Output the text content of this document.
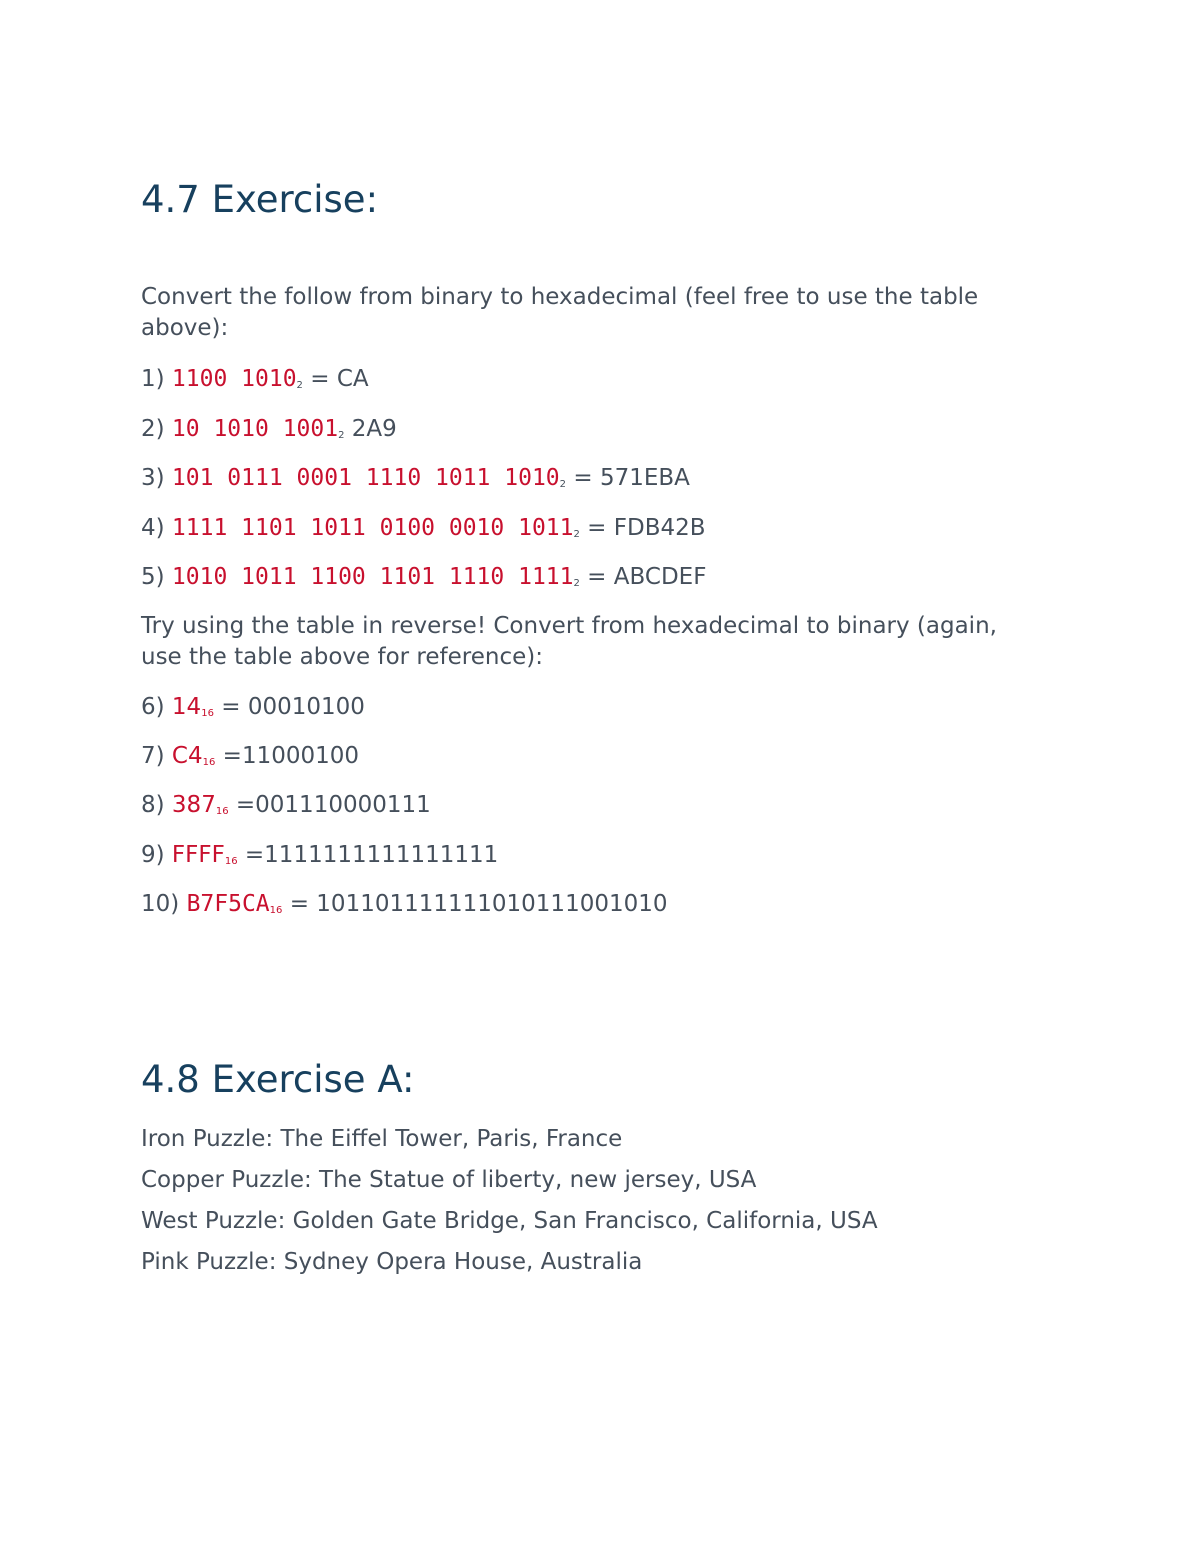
4.7 Exercise:

Convert the follow from binary to hexadecimal (feel free to use the table above):

1) 1100 $1010_2$ = CA

2) 10 1010 $1001_2$ 2A9

3) 101 0111 0001 1110 1011 $1010_2 = 571EBA$

4) 1111 1101 1011 0100 0010 $1011_2 = FDB42B$

5) 1010 1011 1100 1101 1110 $1111_2$ = ABCDEF

Try using the table in reverse! Convert from hexadecimal to binary (again, use the table above for reference):

6) $14_{16} = 00010100$

7) $C4_{16} =11000100$

8) $387_{16} =001110000111$

9) $FFFF_{16} =1111111111111111$

10) $B7F5CA_{16} = 101101111111010111001010$

4.8 Exercise A:

Iron Puzzle: The Eiffel Tower, Paris, France

Copper Puzzle: The Statue of liberty, new jersey, USA

West Puzzle: Golden Gate Bridge, San Francisco, California, USA

Pink Puzzle: Sydney Opera House, Australia
